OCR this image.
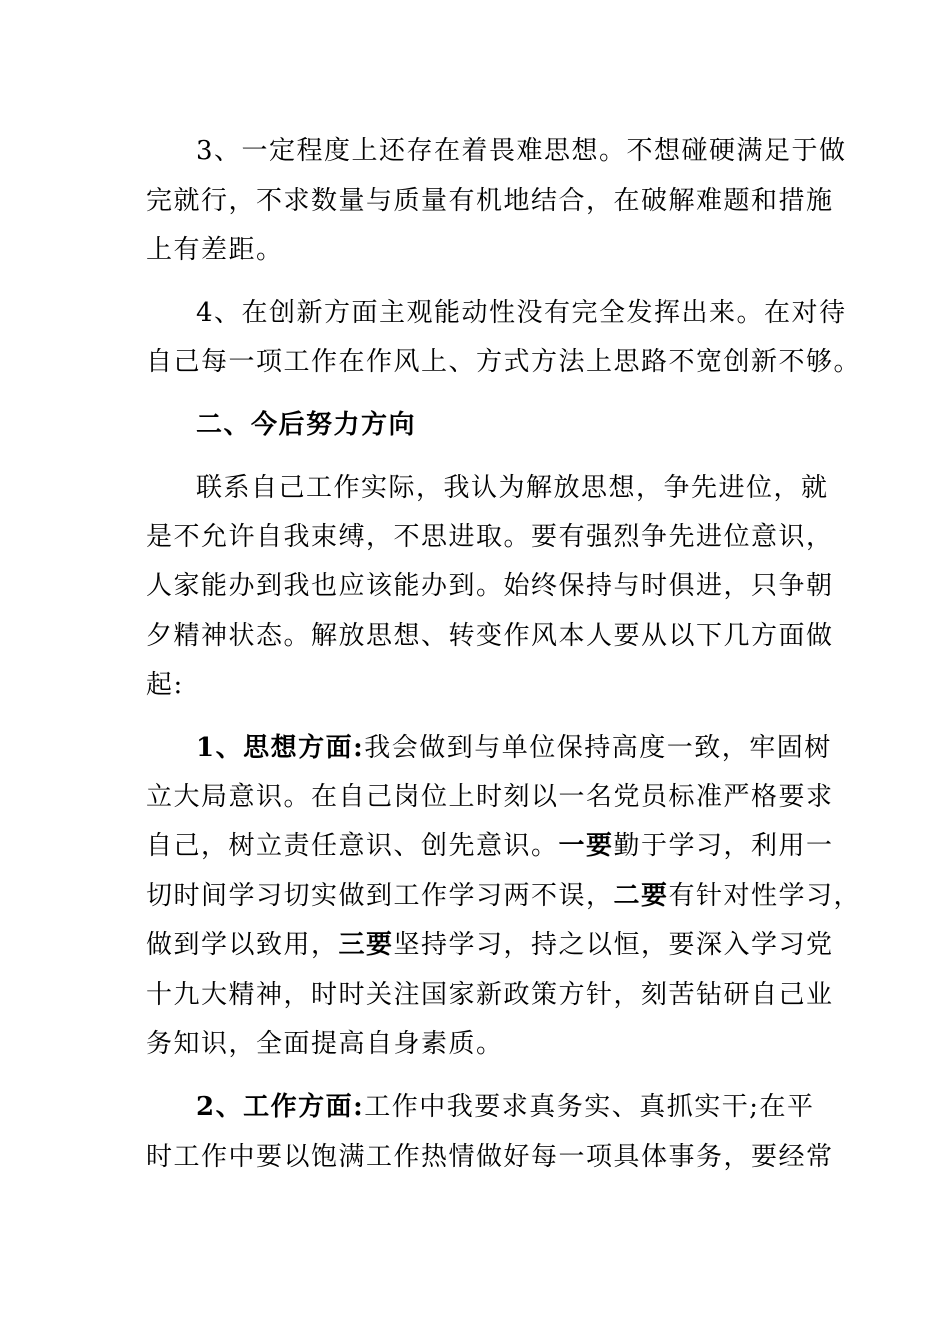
3、一定程度上还存在着畏难思想。不想碰硬满足于做
完就行，不求数量与质量有机地结合，在破解难题和措施
上有差距。
4、在创新方面主观能动性没有完全发挥出来。在对待
自己每一项工作在作风上、方式方法上思路不宽创新不够。
二、今后努力方向
联系自己工作实际，我认为解放思想，争先进位，就
是不允许自我束缚，不思进取。要有强烈争先进位意识，
人家能办到我也应该能办到。始终保持与时俱进，只争朝
夕精神状态。解放思想、转变作风本人要从以下几方面做
起:
1、思想方面:我会做到与单位保持高度一致，牢固树
立大局意识。在自己岗位上时刻以一名党员标准严格要求
自己，树立责任意识、创先意识。一要勤于学习，利用一
切时间学习切实做到工作学习两不误，二要有针对性学习，
做到学以致用，三要坚持学习，持之以恒，要深入学习党
十九大精神，时时关注国家新政策方针，刻苦钻研自己业
务知识，全面提高自身素质。
2、工作方面:工作中我要求真务实、真抓实干;在平
时工作中要以饱满工作热情做好每一项具体事务，要经常
